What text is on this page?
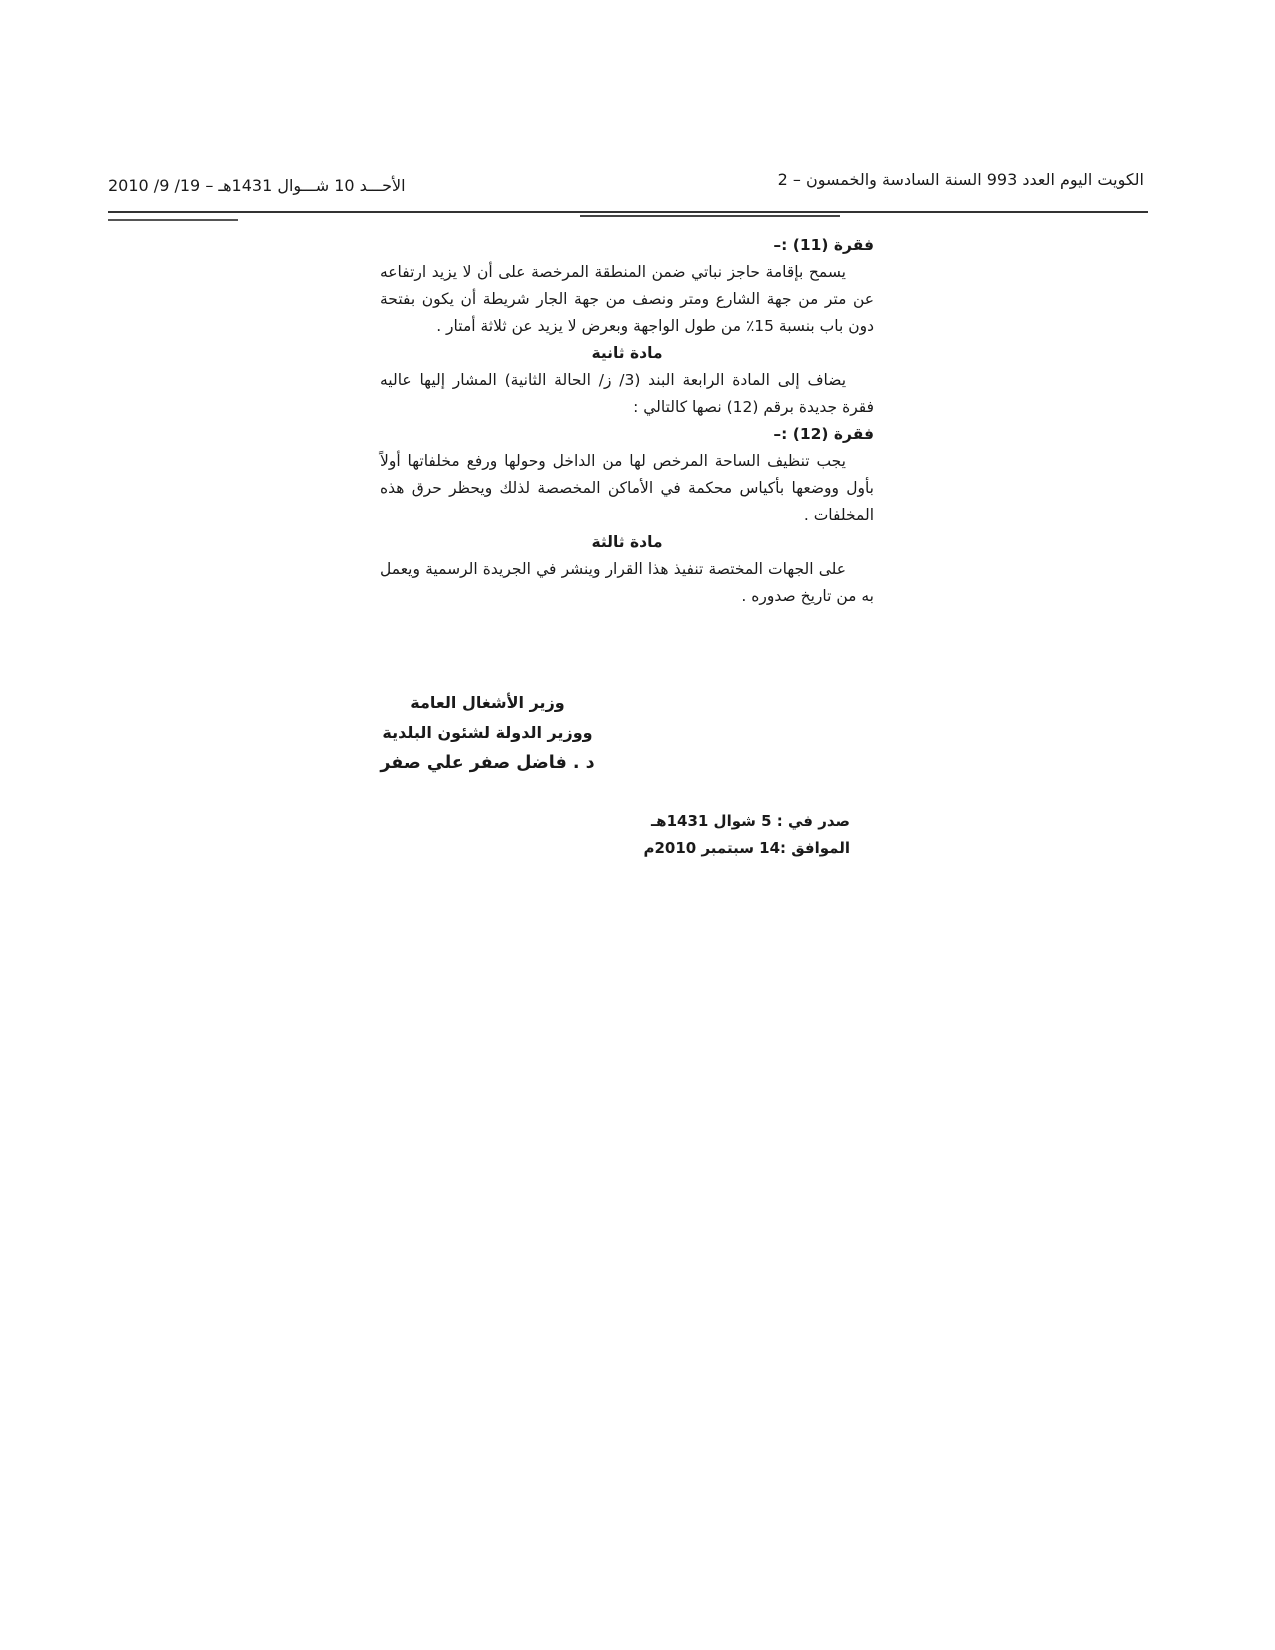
الكويت اليوم العدد 993 السنة السادسة والخمسون – 2
الأحـــد 10 شـــوال 1431هـ – 19/ 9/ 2010

فقرة (11) :–

يسمح بإقامة حاجز نباتي ضمن المنطقة المرخصة على أن لا يزيد ارتفاعه عن متر من جهة الشارع ومتر ونصف من جهة الجار شريطة أن يكون بفتحة دون باب بنسبة 15٪ من طول الواجهة وبعرض لا يزيد عن ثلاثة أمتار .

مادة ثانية

يضاف إلى المادة الرابعة البند (3/ ز/ الحالة الثانية) المشار إليها عاليه فقرة جديدة برقم (12) نصها كالتالي :

فقرة (12) :–

يجب تنظيف الساحة المرخص لها من الداخل وحولها ورفع مخلفاتها أولاً بأول ووضعها بأكياس محكمة في الأماكن المخصصة لذلك ويحظر حرق هذه المخلفات .

مادة ثالثة

على الجهات المختصة تنفيذ هذا القرار وينشر في الجريدة الرسمية ويعمل به من تاريخ صدوره .

وزير الأشغال العامة
ووزير الدولة لشئون البلدية
د . فاضل صفر علي صفر
صدر في : 5 شوال 1431هـ
الموافق :14 سبتمبر 2010م
